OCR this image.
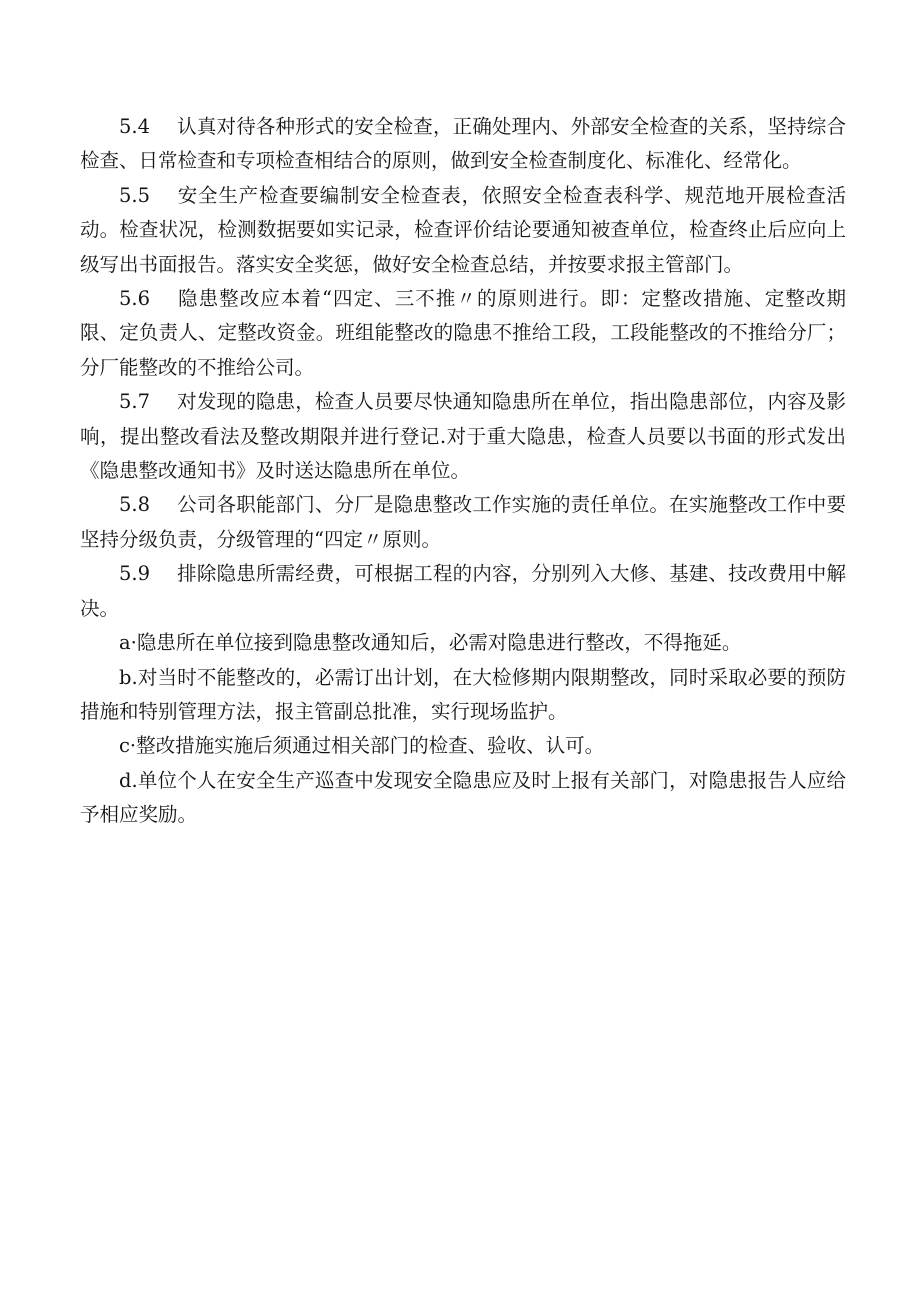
5.4 认真对待各种形式的安全检查，正确处理内、外部安全检查的关系，坚持综合检查、日常检查和专项检查相结合的原则，做到安全检查制度化、标准化、经常化。

5.5 安全生产检查要编制安全检查表，依照安全检查表科学、规范地开展检查活动。检查状况，检测数据要如实记录，检查评价结论要通知被查单位，检查终止后应向上级写出书面报告。落实安全奖惩，做好安全检查总结，并按要求报主管部门。

5.6 隐患整改应本着“四定、三不推〃的原则进行。即：定整改措施、定整改期限、定负责人、定整改资金。班组能整改的隐患不推给工段，工段能整改的不推给分厂；分厂能整改的不推给公司。

5.7 对发现的隐患，检查人员要尽快通知隐患所在单位，指出隐患部位，内容及影响，提出整改看法及整改期限并进行登记.对于重大隐患，检查人员要以书面的形式发出《隐患整改通知书》及时送达隐患所在单位。

5.8 公司各职能部门、分厂是隐患整改工作实施的责任单位。在实施整改工作中要坚持分级负责，分级管理的“四定〃原则。

5.9 排除隐患所需经费，可根据工程的内容，分别列入大修、基建、技改费用中解决。

a·隐患所在单位接到隐患整改通知后，必需对隐患进行整改，不得拖延。

b.对当时不能整改的，必需订出计划，在大检修期内限期整改，同时采取必要的预防措施和特别管理方法，报主管副总批准，实行现场监护。

c·整改措施实施后须通过相关部门的检查、验收、认可。

d.单位个人在安全生产巡查中发现安全隐患应及时上报有关部门，对隐患报告人应给予相应奖励。
